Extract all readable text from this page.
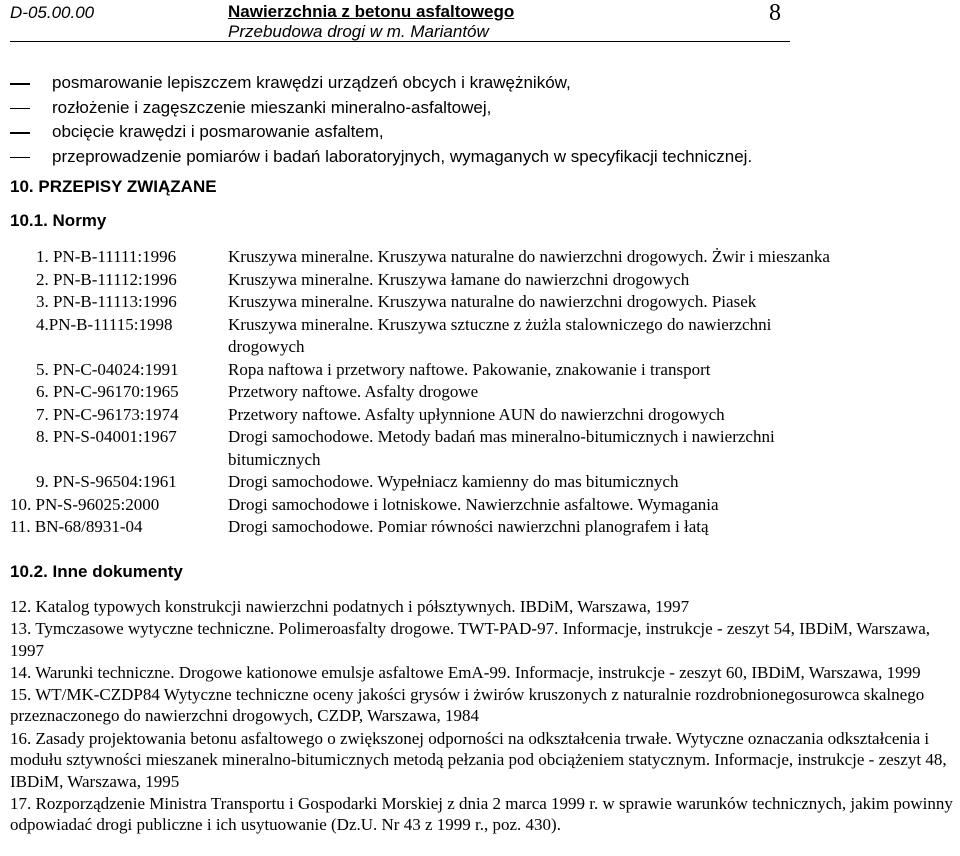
D-05.00.00	Nawierzchnia z betonu asfaltowego
Przebudowa drogi w m. Mariantów
8
posmarowanie lepiszczem krawędzi urządzeń obcych i krawężników,
rozłożenie i zagęszczenie mieszanki mineralno-asfaltowej,
obcięcie krawędzi i posmarowanie asfaltem,
przeprowadzenie pomiarów i badań laboratoryjnych, wymaganych w specyfikacji technicznej.
10. PRZEPISY ZWIĄZANE
10.1. Normy
1. PN-B-11111:1996	Kruszywa mineralne. Kruszywa naturalne do nawierzchni drogowych. Żwir i mieszanka
2. PN-B-11112:1996	Kruszywa mineralne. Kruszywa łamane do nawierzchni drogowych
3. PN-B-11113:1996	Kruszywa mineralne. Kruszywa naturalne do nawierzchni drogowych. Piasek
4.PN-B-11115:1998	Kruszywa mineralne. Kruszywa sztuczne z żużla stalowniczego do nawierzchni drogowych
5. PN-C-04024:1991	Ropa naftowa i przetwory naftowe. Pakowanie, znakowanie i transport
6. PN-C-96170:1965	Przetwory naftowe. Asfalty drogowe
7. PN-C-96173:1974	Przetwory naftowe. Asfalty upłynnione AUN do nawierzchni drogowych
8. PN-S-04001:1967	Drogi samochodowe. Metody badań mas mineralno-bitumicznych i nawierzchni bitumicznych
9. PN-S-96504:1961	Drogi samochodowe. Wypełniacz kamienny do mas bitumicznych
10. PN-S-96025:2000	Drogi samochodowe i lotniskowe. Nawierzchnie asfaltowe. Wymagania
11. BN-68/8931-04	Drogi samochodowe. Pomiar równości nawierzchni planografem i łatą
10.2. Inne dokumenty
12. Katalog typowych konstrukcji nawierzchni podatnych i półsztywnych. IBDiM, Warszawa, 1997
13. Tymczasowe wytyczne techniczne. Polimeroasfalty drogowe. TWT-PAD-97. Informacje, instrukcje - zeszyt 54, IBDiM, Warszawa, 1997
14. Warunki techniczne. Drogowe kationowe emulsje asfaltowe EmA-99. Informacje, instrukcje - zeszyt 60, IBDiM, Warszawa, 1999
15. WT/MK-CZDP84 Wytyczne techniczne oceny jakości grysów i żwirów kruszonych z naturalnie rozdrobnionegosurowca skalnego przeznaczonego do nawierzchni drogowych, CZDP, Warszawa, 1984
16. Zasady projektowania betonu asfaltowego o zwiększonej odporności na odkształcenia trwałe. Wytyczne oznaczania odkształcenia i modułu sztywności mieszanek mineralno-bitumicznych metodą pełzania pod obciążeniem statycznym. Informacje, instrukcje - zeszyt 48, IBDiM, Warszawa, 1995
17. Rozporządzenie Ministra Transportu i Gospodarki Morskiej z dnia 2 marca 1999 r. w sprawie warunków technicznych, jakim powinny odpowiadać drogi publiczne i ich usytuowanie (Dz.U. Nr 43 z 1999 r., poz. 430).
